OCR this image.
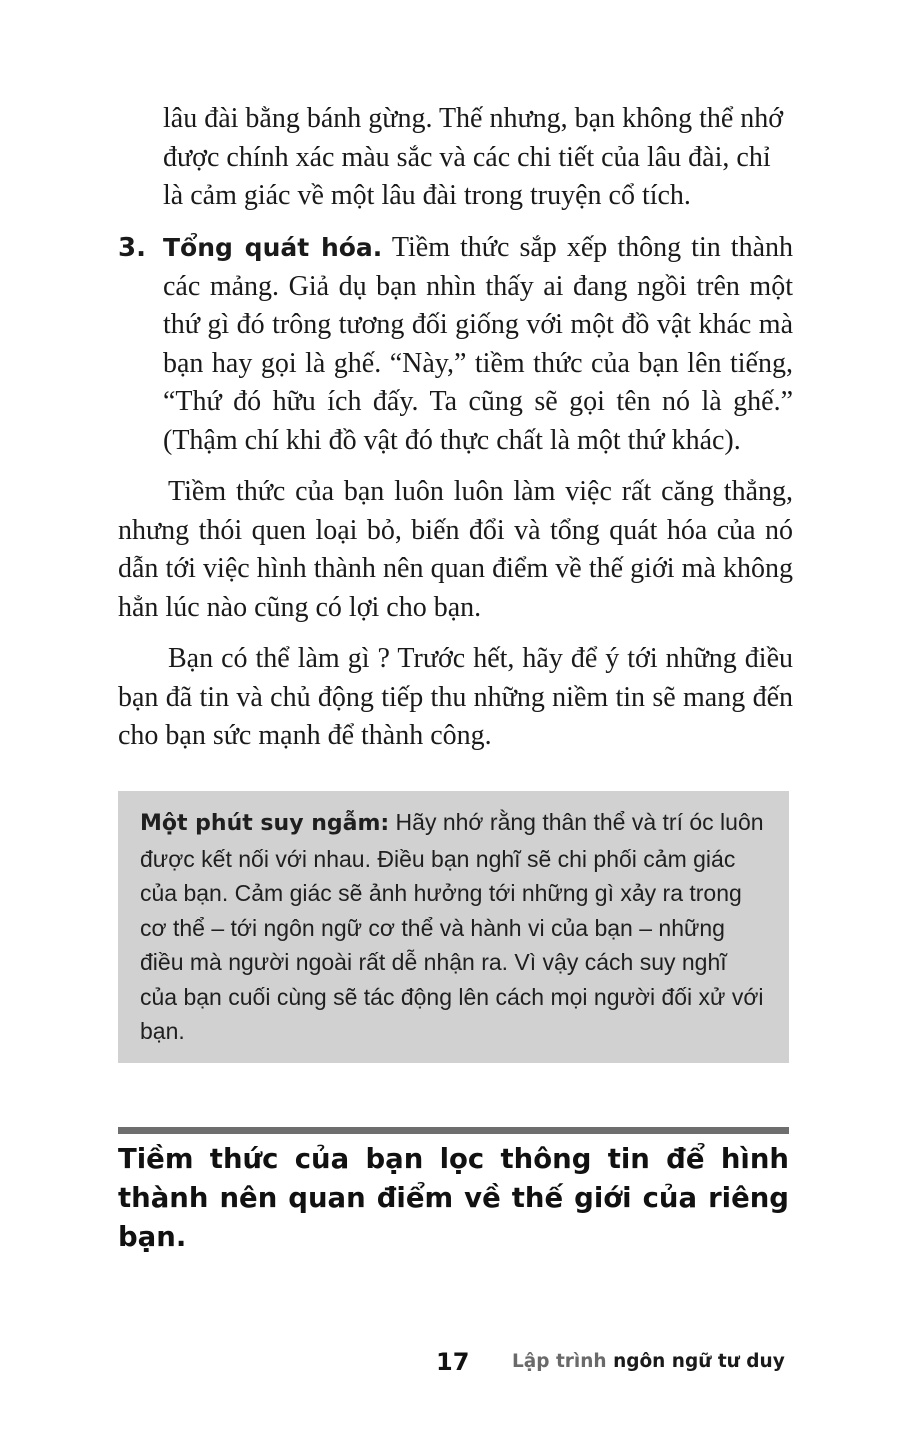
lâu đài bằng bánh gừng. Thế nhưng, bạn không thể nhớ được chính xác màu sắc và các chi tiết của lâu đài, chỉ là cảm giác về một lâu đài trong truyện cổ tích.

3. Tổng quát hóa. Tiềm thức sắp xếp thông tin thành các mảng. Giả dụ bạn nhìn thấy ai đang ngồi trên một thứ gì đó trông tương đối giống với một đồ vật khác mà bạn hay gọi là ghế. “Này,” tiềm thức của bạn lên tiếng, “Thứ đó hữu ích đấy. Ta cũng sẽ gọi tên nó là ghế.” (Thậm chí khi đồ vật đó thực chất là một thứ khác).

Tiềm thức của bạn luôn luôn làm việc rất căng thẳng, nhưng thói quen loại bỏ, biến đổi và tổng quát hóa của nó dẫn tới việc hình thành nên quan điểm về thế giới mà không hẳn lúc nào cũng có lợi cho bạn.

Bạn có thể làm gì ? Trước hết, hãy để ý tới những điều bạn đã tin và chủ động tiếp thu những niềm tin sẽ mang đến cho bạn sức mạnh để thành công.

Một phút suy ngẫm: Hãy nhớ rằng thân thể và trí óc luôn được kết nối với nhau. Điều bạn nghĩ sẽ chi phối cảm giác của bạn. Cảm giác sẽ ảnh hưởng tới những gì xảy ra trong cơ thể – tới ngôn ngữ cơ thể và hành vi của bạn – những điều mà người ngoài rất dễ nhận ra. Vì vậy cách suy nghĩ của bạn cuối cùng sẽ tác động lên cách mọi người đối xử với bạn.
Tiềm thức của bạn lọc thông tin để hình thành nên quan điểm về thế giới của riêng bạn.
17 Lập trình ngôn ngữ tư duy
